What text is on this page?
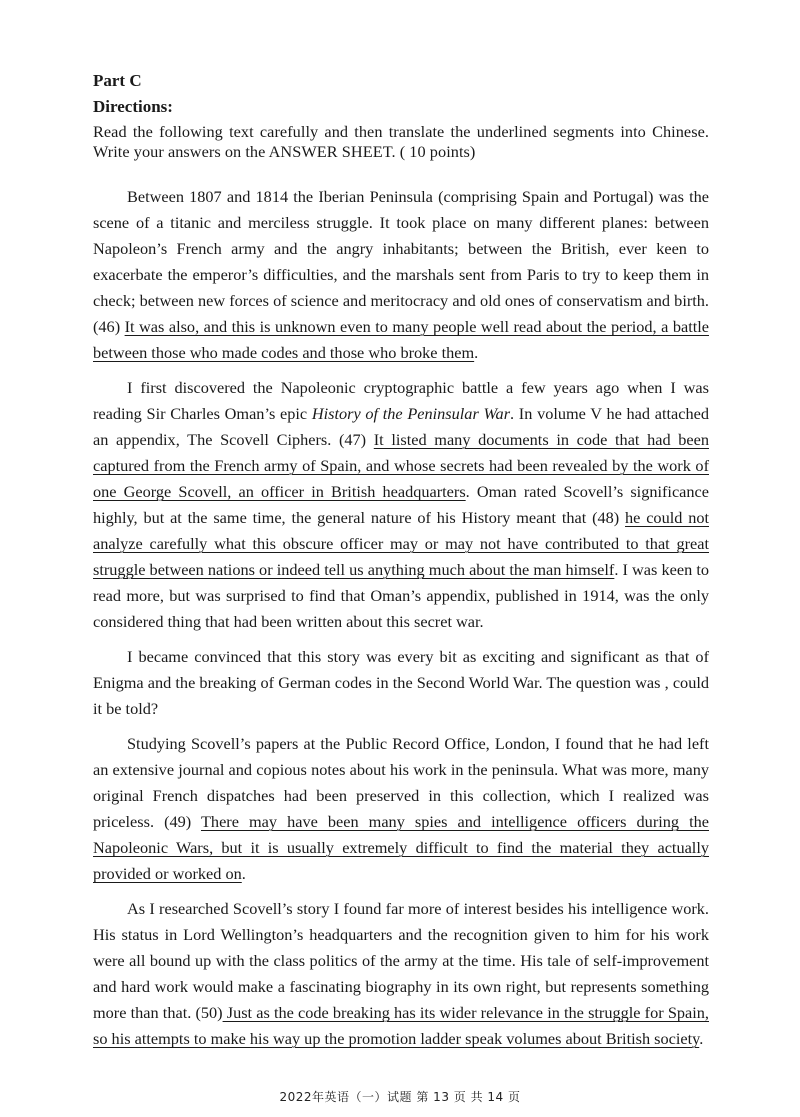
Part C

Directions:

Read the following text carefully and then translate the underlined segments into Chinese. Write your answers on the ANSWER SHEET. ( 10 points)

Between 1807 and 1814 the Iberian Peninsula (comprising Spain and Portugal) was the scene of a titanic and merciless struggle. It took place on many different planes: between Napoleon’s French army and the angry inhabitants; between the British, ever keen to exacerbate the emperor’s difficulties, and the marshals sent from Paris to try to keep them in check; between new forces of science and meritocracy and old ones of conservatism and birth. (46) It was also, and this is unknown even to many people well read about the period, a battle between those who made codes and those who broke them.

I first discovered the Napoleonic cryptographic battle a few years ago when I was reading Sir Charles Oman’s epic History of the Peninsular War. In volume V he had attached an appendix, The Scovell Ciphers. (47) It listed many documents in code that had been captured from the French army of Spain, and whose secrets had been revealed by the work of one George Scovell, an officer in British headquarters. Oman rated Scovell’s significance highly, but at the same time, the general nature of his History meant that (48) he could not analyze carefully what this obscure officer may or may not have contributed to that great struggle between nations or indeed tell us anything much about the man himself. I was keen to read more, but was surprised to find that Oman’s appendix, published in 1914, was the only considered thing that had been written about this secret war.

I became convinced that this story was every bit as exciting and significant as that of Enigma and the breaking of German codes in the Second World War. The question was , could it be told?

Studying Scovell’s papers at the Public Record Office, London, I found that he had left an extensive journal and copious notes about his work in the peninsula. What was more, many original French dispatches had been preserved in this collection, which I realized was priceless. (49) There may have been many spies and intelligence officers during the Napoleonic Wars, but it is usually extremely difficult to find the material they actually provided or worked on.

As I researched Scovell’s story I found far more of interest besides his intelligence work. His status in Lord Wellington’s headquarters and the recognition given to him for his work were all bound up with the class politics of the army at the time. His tale of self-improvement and hard work would make a fascinating biography in its own right, but represents something more than that. (50) Just as the code breaking has its wider relevance in the struggle for Spain, so his attempts to make his way up the promotion ladder speak volumes about British society.

2022年英语（一）试题 第 13 页 共 14 页
